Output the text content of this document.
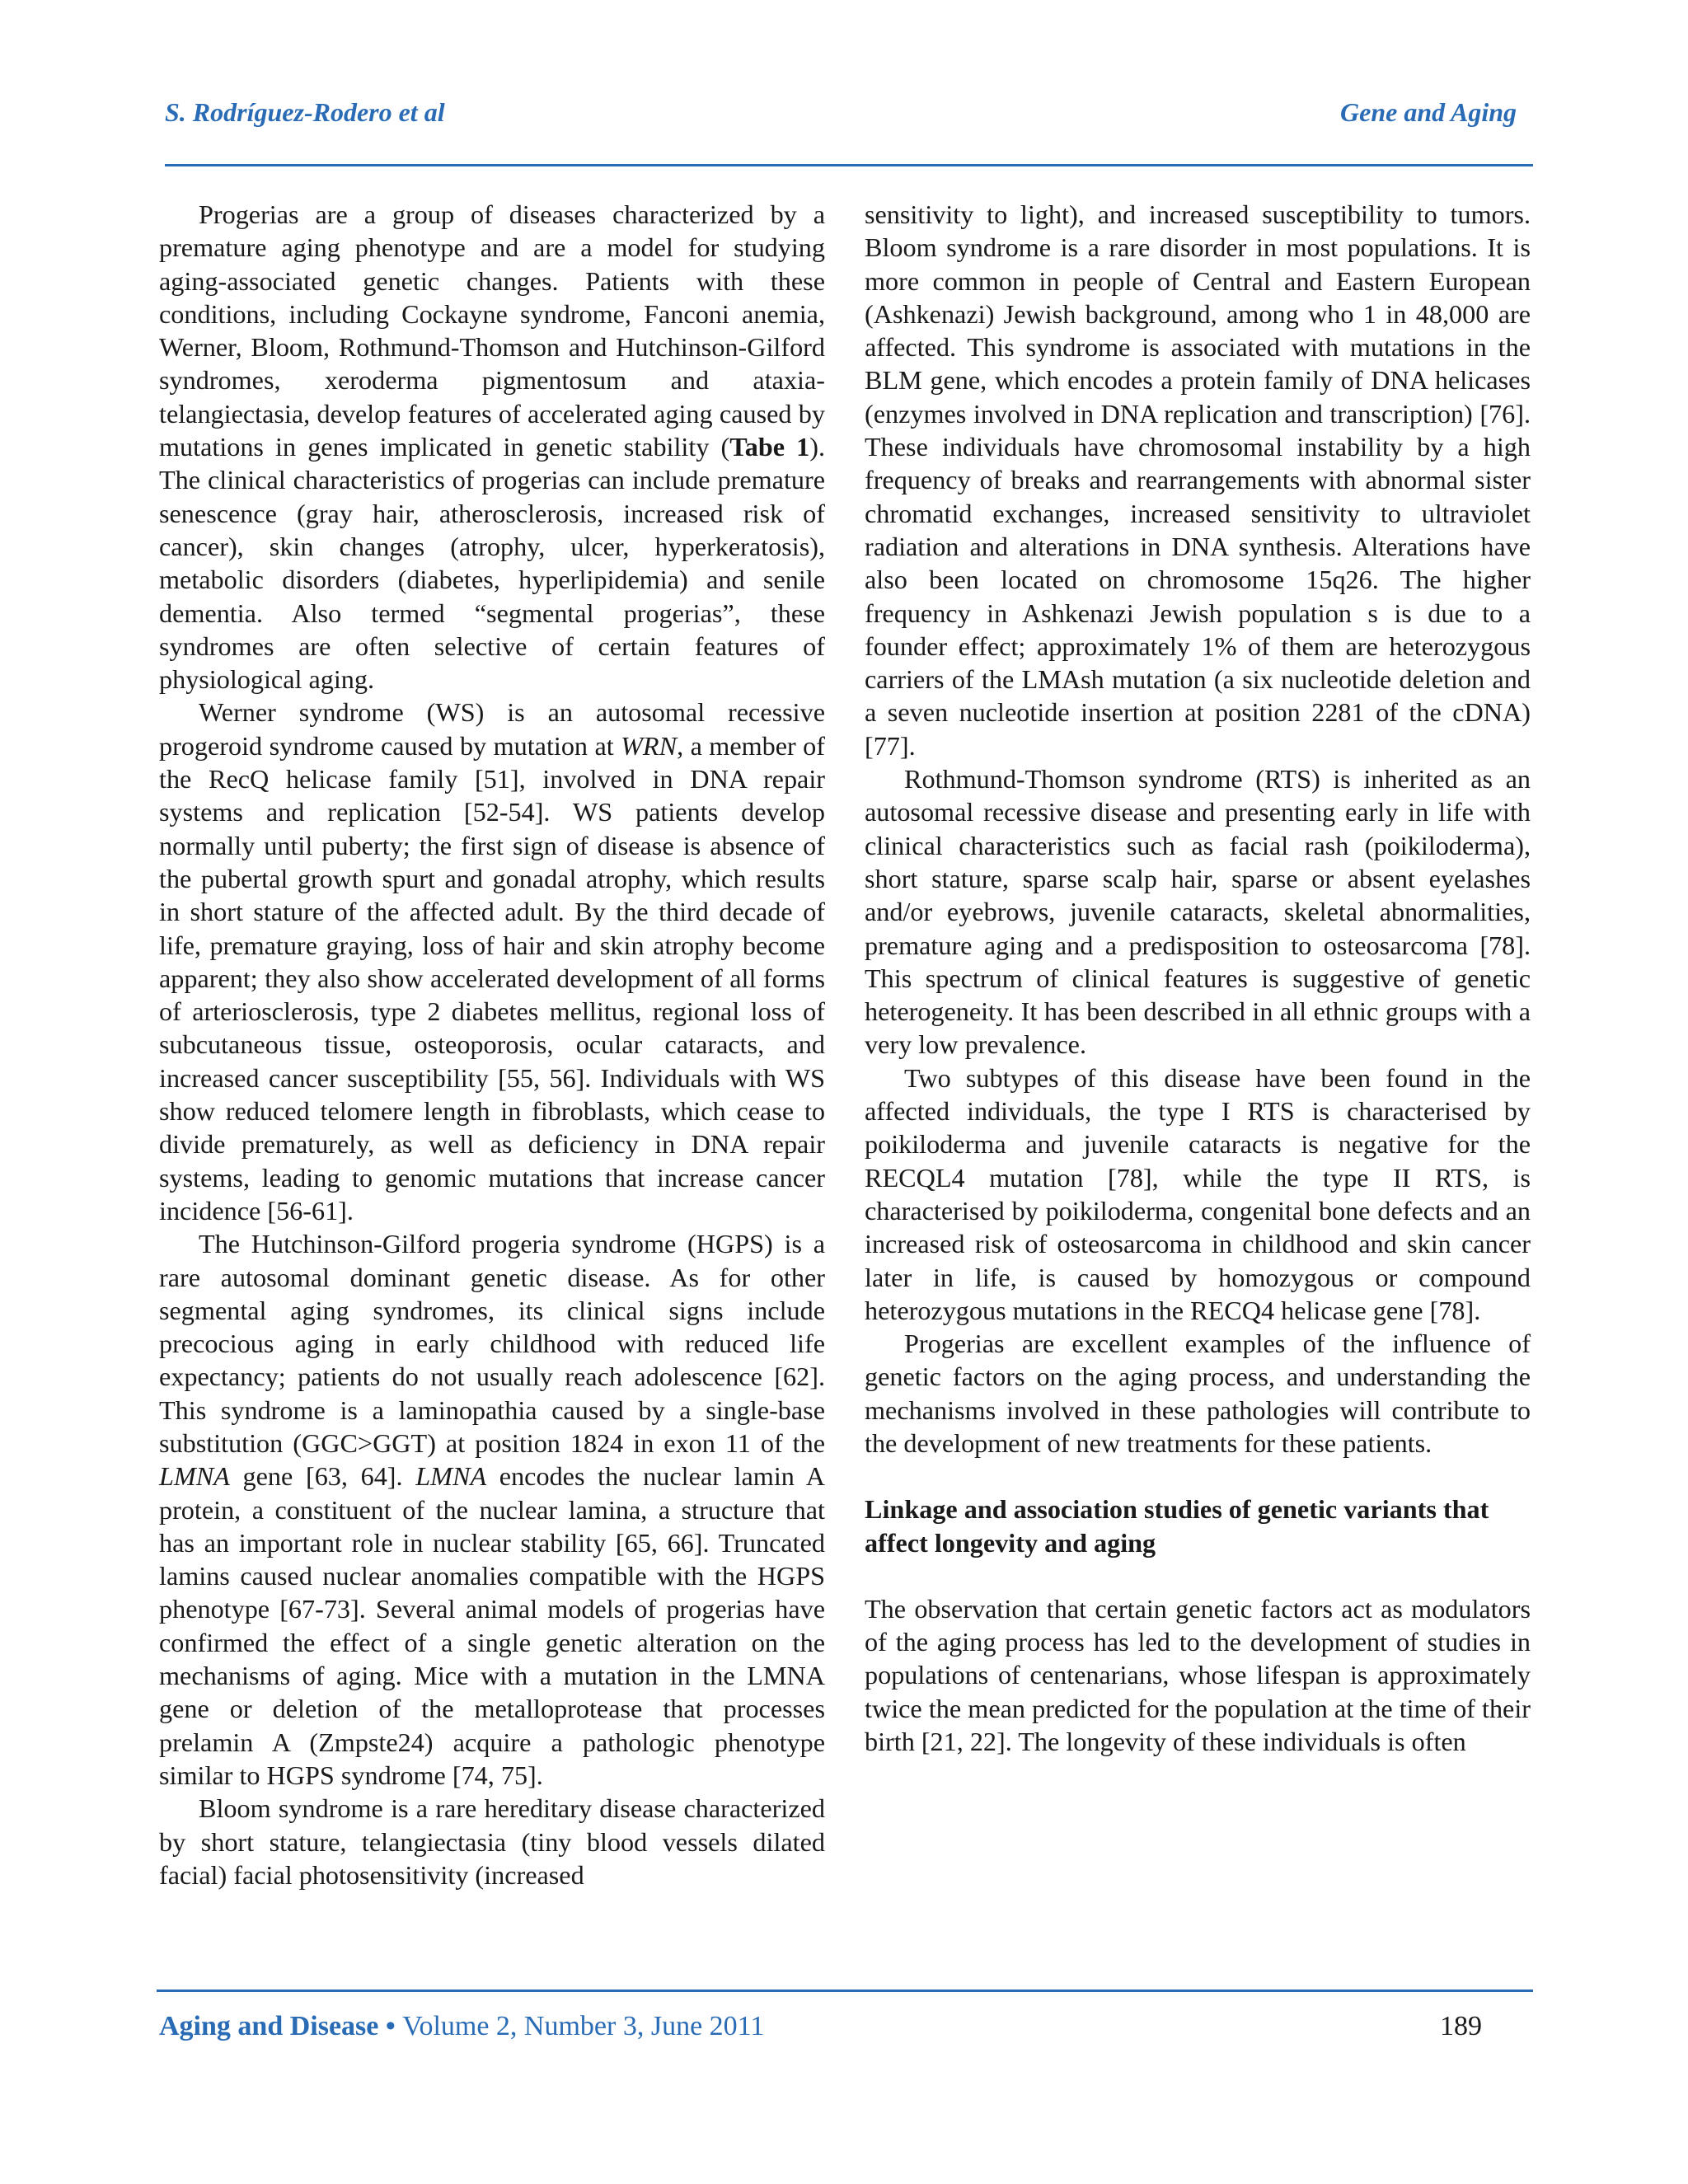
S. Rodríguez-Rodero et al	Gene and Aging

Progerias are a group of diseases characterized by a premature aging phenotype and are a model for studying aging-associated genetic changes. Patients with these conditions, including Cockayne syndrome, Fanconi anemia, Werner, Bloom, Rothmund-Thomson and Hutchinson-Gilford syndromes, xeroderma pigmentosum and ataxia-telangiectasia, develop features of accelerated aging caused by mutations in genes implicated in genetic stability (Tabe 1). The clinical characteristics of progerias can include premature senescence (gray hair, atherosclerosis, increased risk of cancer), skin changes (atrophy, ulcer, hyperkeratosis), metabolic disorders (diabetes, hyperlipidemia) and senile dementia. Also termed “segmental progerias”, these syndromes are often selective of certain features of physiological aging.

Werner syndrome (WS) is an autosomal recessive progeroid syndrome caused by mutation at WRN, a member of the RecQ helicase family [51], involved in DNA repair systems and replication [52-54]. WS patients develop normally until puberty; the first sign of disease is absence of the pubertal growth spurt and gonadal atrophy, which results in short stature of the affected adult. By the third decade of life, premature graying, loss of hair and skin atrophy become apparent; they also show accelerated development of all forms of arteriosclerosis, type 2 diabetes mellitus, regional loss of subcutaneous tissue, osteoporosis, ocular cataracts, and increased cancer susceptibility [55, 56]. Individuals with WS show reduced telomere length in fibroblasts, which cease to divide prematurely, as well as deficiency in DNA repair systems, leading to genomic mutations that increase cancer incidence [56-61].

The Hutchinson-Gilford progeria syndrome (HGPS) is a rare autosomal dominant genetic disease. As for other segmental aging syndromes, its clinical signs include precocious aging in early childhood with reduced life expectancy; patients do not usually reach adolescence [62]. This syndrome is a laminopathia caused by a single-base substitution (GGC>GGT) at position 1824 in exon 11 of the LMNA gene [63, 64]. LMNA encodes the nuclear lamin A protein, a constituent of the nuclear lamina, a structure that has an important role in nuclear stability [65, 66]. Truncated lamins caused nuclear anomalies compatible with the HGPS phenotype [67-73]. Several animal models of progerias have confirmed the effect of a single genetic alteration on the mechanisms of aging. Mice with a mutation in the LMNA gene or deletion of the metalloprotease that processes prelamin A (Zmpste24) acquire a pathologic phenotype similar to HGPS syndrome [74, 75].

Bloom syndrome is a rare hereditary disease characterized by short stature, telangiectasia (tiny blood vessels dilated facial) facial photosensitivity (increased

sensitivity to light), and increased susceptibility to tumors. Bloom syndrome is a rare disorder in most populations. It is more common in people of Central and Eastern European (Ashkenazi) Jewish background, among who 1 in 48,000 are affected. This syndrome is associated with mutations in the BLM gene, which encodes a protein family of DNA helicases (enzymes involved in DNA replication and transcription) [76]. These individuals have chromosomal instability by a high frequency of breaks and rearrangements with abnormal sister chromatid exchanges, increased sensitivity to ultraviolet radiation and alterations in DNA synthesis. Alterations have also been located on chromosome 15q26. The higher frequency in Ashkenazi Jewish population s is due to a founder effect; approximately 1% of them are heterozygous carriers of the LMAsh mutation (a six nucleotide deletion and a seven nucleotide insertion at position 2281 of the cDNA) [77].

Rothmund-Thomson syndrome (RTS) is inherited as an autosomal recessive disease and presenting early in life with clinical characteristics such as facial rash (poikiloderma), short stature, sparse scalp hair, sparse or absent eyelashes and/or eyebrows, juvenile cataracts, skeletal abnormalities, premature aging and a predisposition to osteosarcoma [78]. This spectrum of clinical features is suggestive of genetic heterogeneity. It has been described in all ethnic groups with a very low prevalence.

Two subtypes of this disease have been found in the affected individuals, the type I RTS is characterised by poikiloderma and juvenile cataracts is negative for the RECQL4 mutation [78], while the type II RTS, is characterised by poikiloderma, congenital bone defects and an increased risk of osteosarcoma in childhood and skin cancer later in life, is caused by homozygous or compound heterozygous mutations in the RECQ4 helicase gene [78].

Progerias are excellent examples of the influence of genetic factors on the aging process, and understanding the mechanisms involved in these pathologies will contribute to the development of new treatments for these patients.

Linkage and association studies of genetic variants that affect longevity and aging

The observation that certain genetic factors act as modulators of the aging process has led to the development of studies in populations of centenarians, whose lifespan is approximately twice the mean predicted for the population at the time of their birth [21, 22]. The longevity of these individuals is often

Aging and Disease • Volume 2, Number 3, June 2011	189
